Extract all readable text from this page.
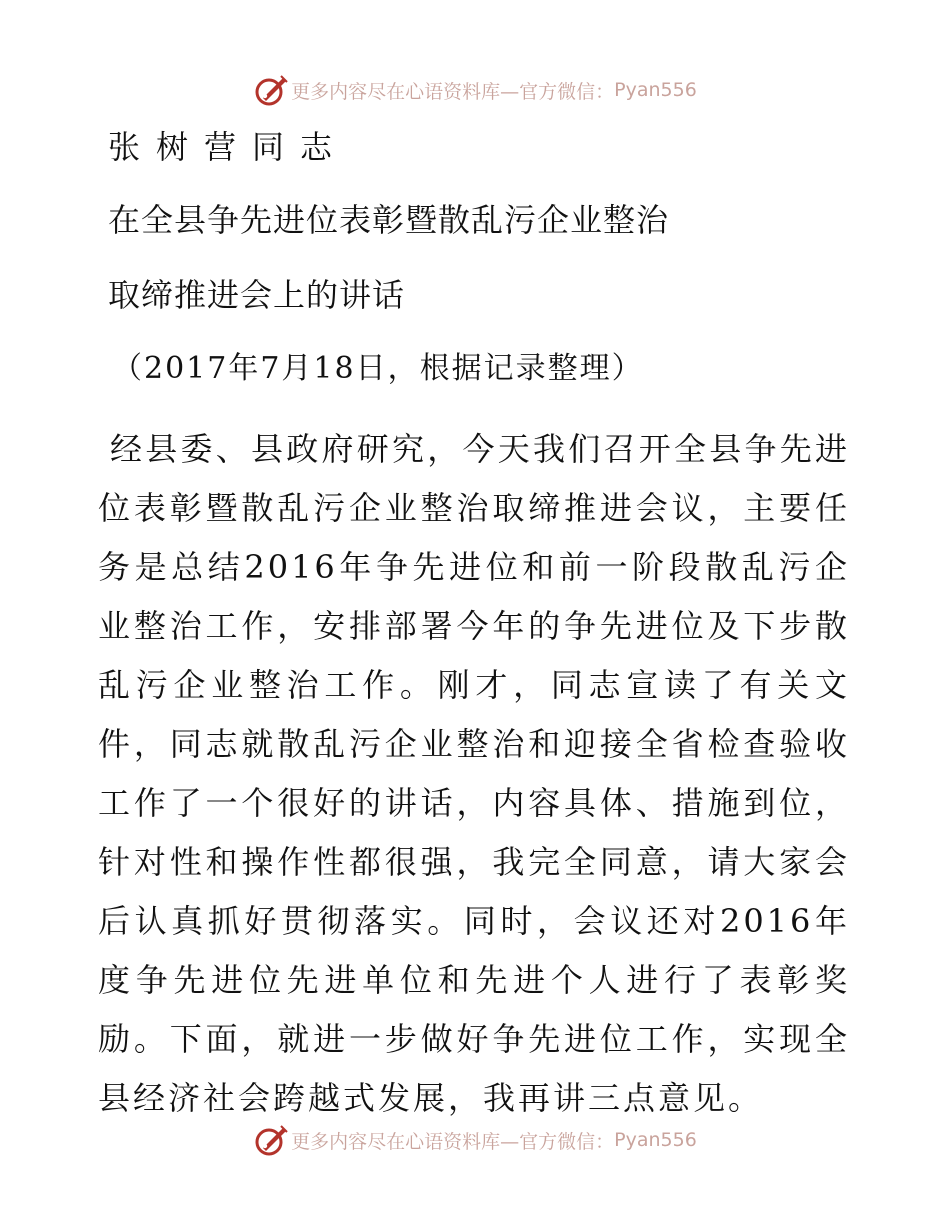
更多内容尽在心语资料库—官方微信： Pyan556
张树营同志
在全县争先进位表彰暨散乱污企业整治
取缔推进会上的讲话
（2017年7月18日，根据记录整理）

经县委、县政府研究，今天我们召开全县争先进位表彰暨散乱污企业整治取缔推进会议，主要任务是总结2016年争先进位和前一阶段散乱污企业整治工作，安排部署今年的争先进位及下步散乱污企业整治工作。刚才，同志宣读了有关文件，同志就散乱污企业整治和迎接全省检查验收工作了一个很好的讲话，内容具体、措施到位，针对性和操作性都很强，我完全同意，请大家会后认真抓好贯彻落实。同时，会议还对2016年度争先进位先进单位和先进个人进行了表彰奖励。下面，就进一步做好争先进位工作，实现全县经济社会跨越式发展，我再讲三点意见。

更多内容尽在心语资料库—官方微信： Pyan556
